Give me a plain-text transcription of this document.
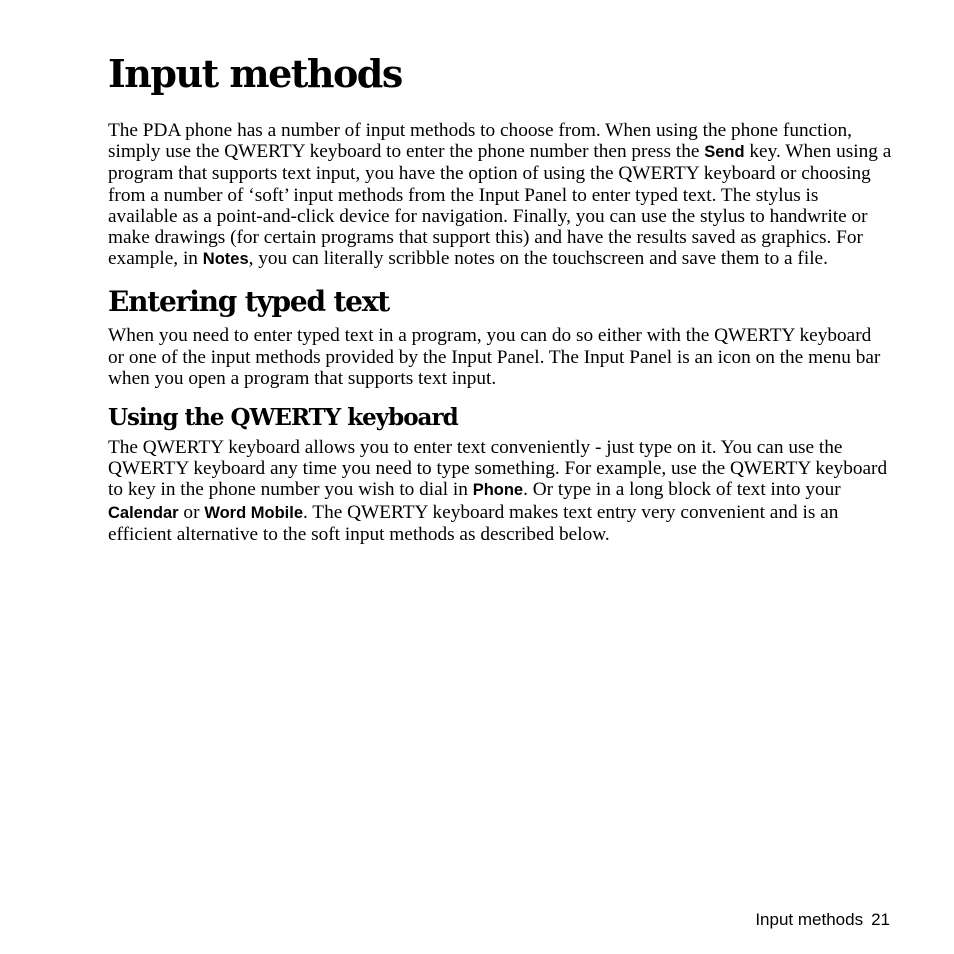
Input methods

The PDA phone has a number of input methods to choose from. When using the phone function, simply use the QWERTY keyboard to enter the phone number then press the Send key. When using a program that supports text input, you have the option of using the QWERTY keyboard or choosing from a number of ‘soft’ input methods from the Input Panel to enter typed text. The stylus is available as a point-and-click device for navigation. Finally, you can use the stylus to handwrite or make drawings (for certain programs that support this) and have the results saved as graphics. For example, in Notes, you can literally scribble notes on the touchscreen and save them to a file.

Entering typed text

When you need to enter typed text in a program, you can do so either with the QWERTY keyboard or one of the input methods provided by the Input Panel. The Input Panel is an icon on the menu bar when you open a program that supports text input.

Using the QWERTY keyboard

The QWERTY keyboard allows you to enter text conveniently - just type on it. You can use the QWERTY keyboard any time you need to type something. For example, use the QWERTY keyboard to key in the phone number you wish to dial in Phone. Or type in a long block of text into your Calendar or Word Mobile. The QWERTY keyboard makes text entry very convenient and is an efficient alternative to the soft input methods as described below.

Input methods 21
